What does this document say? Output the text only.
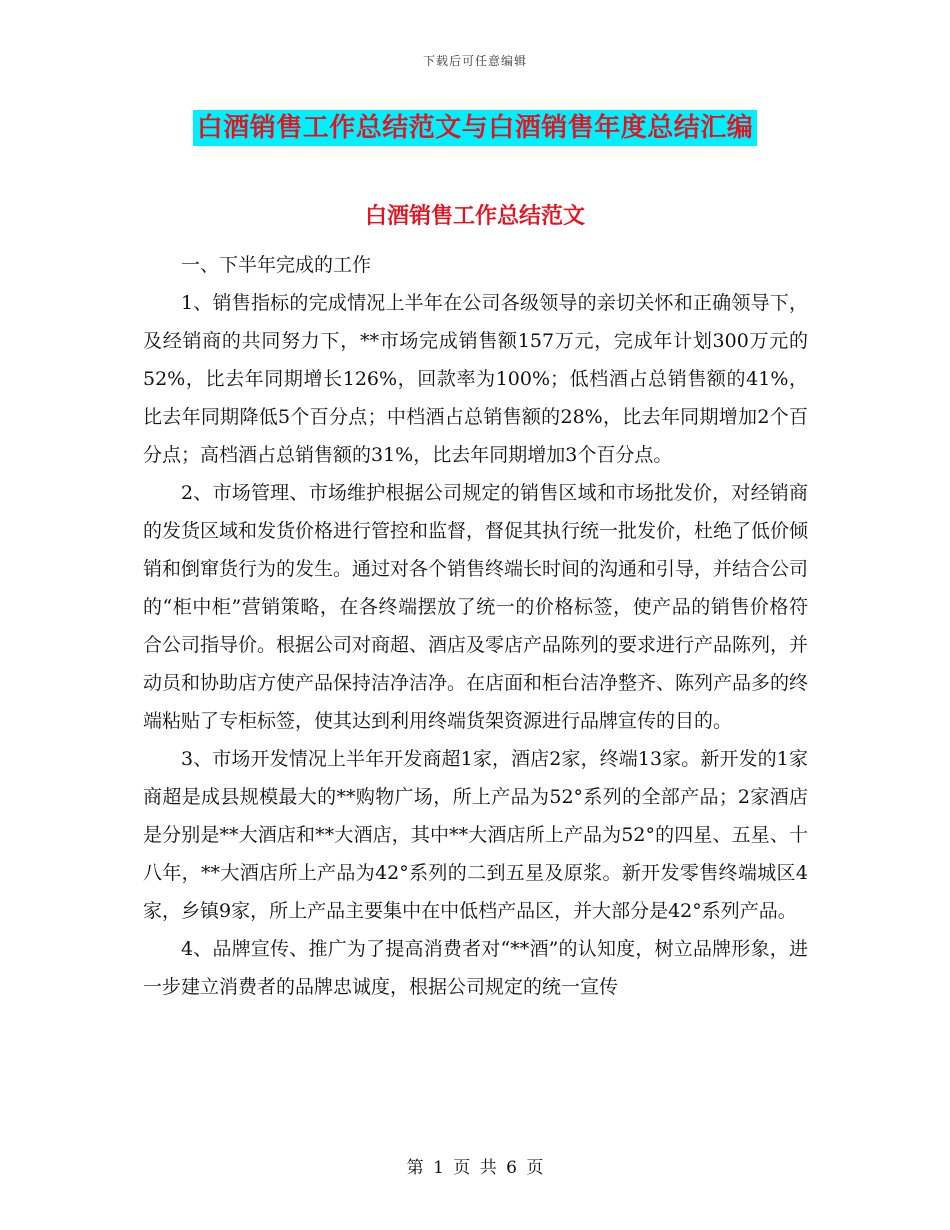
下载后可任意编辑
白酒销售工作总结范文与白酒销售年度总结汇编
白酒销售工作总结范文

一、下半年完成的工作

1、销售指标的完成情况上半年在公司各级领导的亲切关怀和正确领导下，及经销商的共同努力下，**市场完成销售额157万元，完成年计划300万元的52%，比去年同期增长126%，回款率为100%；低档酒占总销售额的41%，比去年同期降低5个百分点；中档酒占总销售额的28%，比去年同期增加2个百分点；高档酒占总销售额的31%，比去年同期增加3个百分点。

2、市场管理、市场维护根据公司规定的销售区域和市场批发价，对经销商的发货区域和发货价格进行管控和监督，督促其执行统一批发价，杜绝了低价倾销和倒窜货行为的发生。通过对各个销售终端长时间的沟通和引导，并结合公司的“柜中柜”营销策略，在各终端摆放了统一的价格标签，使产品的销售价格符合公司指导价。根据公司对商超、酒店及零店产品陈列的要求进行产品陈列，并动员和协助店方使产品保持洁净洁净。在店面和柜台洁净整齐、陈列产品多的终端粘贴了专柜标签，使其达到利用终端货架资源进行品牌宣传的目的。

3、市场开发情况上半年开发商超1家，酒店2家，终端13家。新开发的1家商超是成县规模最大的**购物广场，所上产品为52°系列的全部产品；2家酒店是分别是**大酒店和**大酒店，其中**大酒店所上产品为52°的四星、五星、十八年，**大酒店所上产品为42°系列的二到五星及原浆。新开发零售终端城区4家，乡镇9家，所上产品主要集中在中低档产品区，并大部分是42°系列产品。

4、品牌宣传、推广为了提高消费者对“**酒”的认知度，树立品牌形象，进一步建立消费者的品牌忠诚度，根据公司规定的统一宣传

第 1 页 共 6 页
